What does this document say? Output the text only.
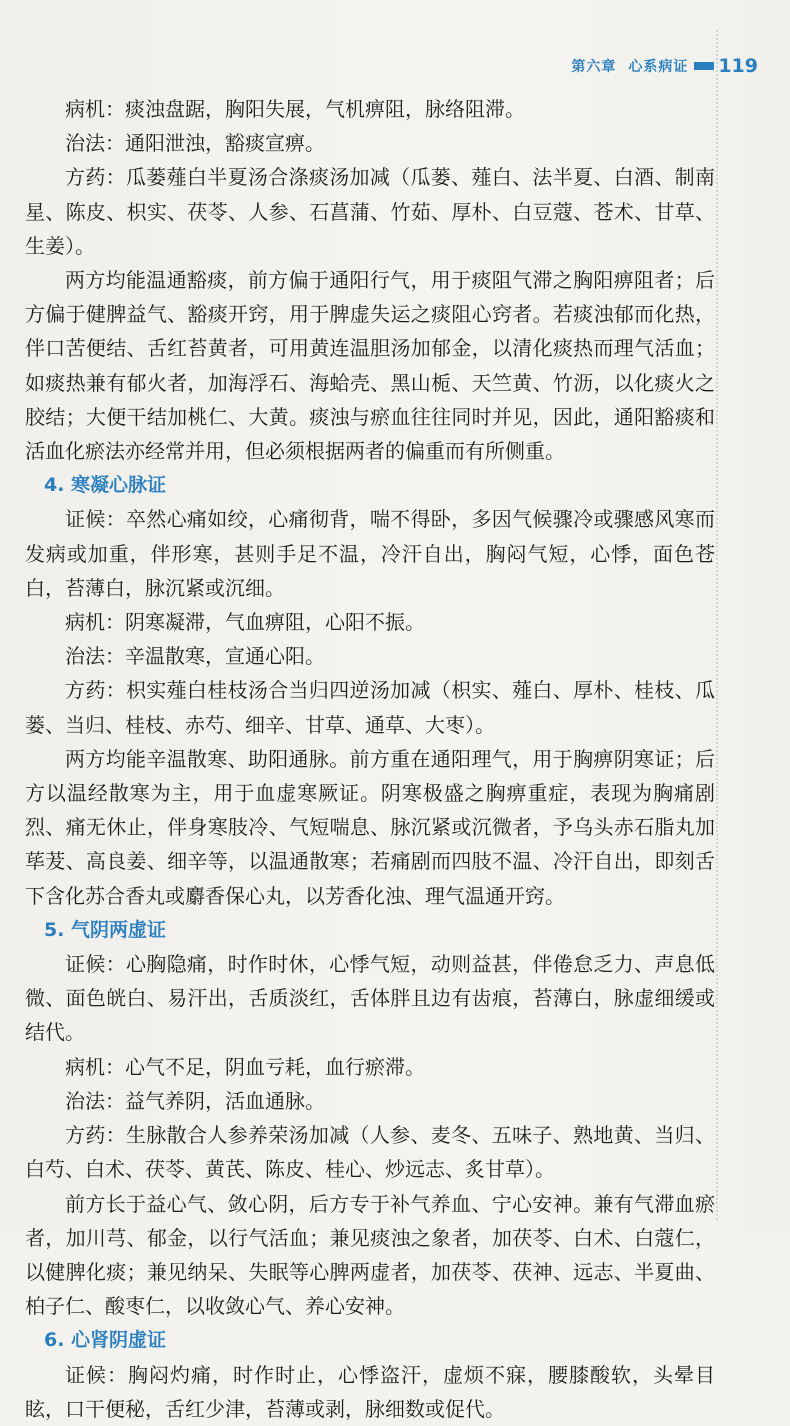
第六章 心系病证 119

病机：痰浊盘踞，胸阳失展，气机痹阻，脉络阻滞。

治法：通阳泄浊，豁痰宣痹。

方药：瓜蒌薤白半夏汤合涤痰汤加减（瓜蒌、薤白、法半夏、白酒、制南星、陈皮、枳实、茯苓、人参、石菖蒲、竹茹、厚朴、白豆蔻、苍术、甘草、生姜）。

两方均能温通豁痰，前方偏于通阳行气，用于痰阻气滞之胸阳痹阻者；后方偏于健脾益气、豁痰开窍，用于脾虚失运之痰阻心窍者。若痰浊郁而化热，伴口苦便结、舌红苔黄者，可用黄连温胆汤加郁金，以清化痰热而理气活血；如痰热兼有郁火者，加海浮石、海蛤壳、黑山栀、天竺黄、竹沥，以化痰火之胶结；大便干结加桃仁、大黄。痰浊与瘀血往往同时并见，因此，通阳豁痰和活血化瘀法亦经常并用，但必须根据两者的偏重而有所侧重。

4. 寒凝心脉证

证候：卒然心痛如绞，心痛彻背，喘不得卧，多因气候骤冷或骤感风寒而发病或加重，伴形寒，甚则手足不温，冷汗自出，胸闷气短，心悸，面色苍白，苔薄白，脉沉紧或沉细。

病机：阴寒凝滞，气血痹阻，心阳不振。

治法：辛温散寒，宣通心阳。

方药：枳实薤白桂枝汤合当归四逆汤加减（枳实、薤白、厚朴、桂枝、瓜蒌、当归、桂枝、赤芍、细辛、甘草、通草、大枣）。

两方均能辛温散寒、助阳通脉。前方重在通阳理气，用于胸痹阴寒证；后方以温经散寒为主，用于血虚寒厥证。阴寒极盛之胸痹重症，表现为胸痛剧烈、痛无休止，伴身寒肢冷、气短喘息、脉沉紧或沉微者，予乌头赤石脂丸加荜茇、高良姜、细辛等，以温通散寒；若痛剧而四肢不温、冷汗自出，即刻舌下含化苏合香丸或麝香保心丸，以芳香化浊、理气温通开窍。

5. 气阴两虚证

证候：心胸隐痛，时作时休，心悸气短，动则益甚，伴倦怠乏力、声息低微、面色㿠白、易汗出，舌质淡红，舌体胖且边有齿痕，苔薄白，脉虚细缓或结代。

病机：心气不足，阴血亏耗，血行瘀滞。

治法：益气养阴，活血通脉。

方药：生脉散合人参养荣汤加减（人参、麦冬、五味子、熟地黄、当归、白芍、白术、茯苓、黄芪、陈皮、桂心、炒远志、炙甘草）。

前方长于益心气、敛心阴，后方专于补气养血、宁心安神。兼有气滞血瘀者，加川芎、郁金，以行气活血；兼见痰浊之象者，加茯苓、白术、白蔻仁，以健脾化痰；兼见纳呆、失眠等心脾两虚者，加茯苓、茯神、远志、半夏曲、柏子仁、酸枣仁，以收敛心气、养心安神。

6. 心肾阴虚证

证候：胸闷灼痛，时作时止，心悸盗汗，虚烦不寐，腰膝酸软，头晕目眩，口干便秘，舌红少津，苔薄或剥，脉细数或促代。
